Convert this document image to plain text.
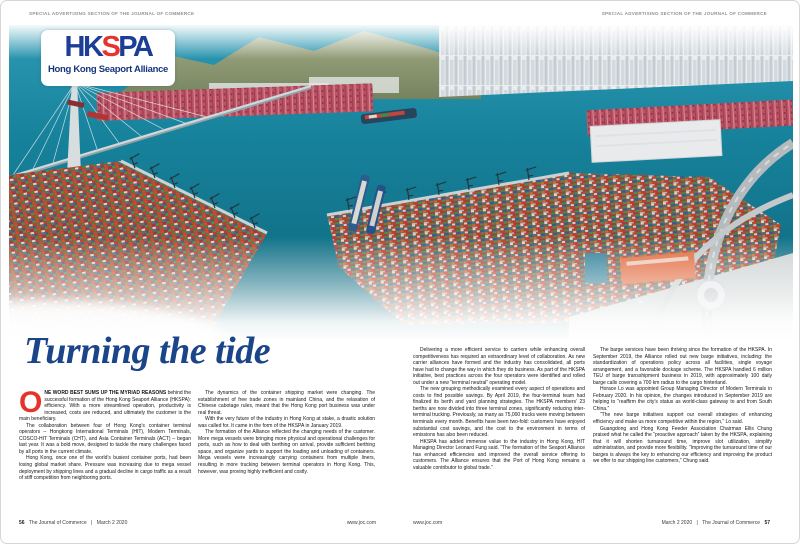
SPECIAL ADVERTISING SECTION OF THE JOURNAL OF COMMERCE	SPECIAL ADVERTISING SECTION OF THE JOURNAL OF COMMERCE
HKSPA
Hong Kong Seaport Alliance
Turning the tide

ONE WORD BEST SUMS UP THE MYRIAD REASONS behind the successful formation of the Hong Kong Seaport Alliance (HKSPA): efficiency. With a more streamlined operation, productivity is increased, costs are reduced, and ultimately the customer is the main beneficiary.

The collaboration between four of Hong Kong’s container terminal operators – Hongkong International Terminals (HIT), Modern Terminals, COSCO-HIT Terminals (CHT), and Asia Container Terminals (ACT) – began last year. It was a bold move, designed to tackle the many challenges faced by all ports in the current climate.

Hong Kong, once one of the world’s busiest container ports, had been losing global market share. Pressure was increasing due to mega vessel deployment by shipping lines and a gradual decline in cargo traffic as a result of stiff competition from neighboring ports.

The dynamics of the container shipping market were changing. The establishment of free trade zones in mainland China, and the relaxation of Chinese cabotage rules, meant that the Hong Kong port business was under real threat.

With the very future of the industry in Hong Kong at stake, a drastic solution was called for. It came in the form of the HKSPA in January 2019.

The formation of the Alliance reflected the changing needs of the customer. More mega vessels were bringing more physical and operational challenges for ports, such as how to deal with berthing on arrival, provide sufficient berthing space, and organize yards to support the loading and unloading of containers. Mega vessels were increasingly carrying containers from multiple liners, resulting in more trucking between terminal operators in Hong Kong. This, however, was proving highly inefficient and costly.

Delivering a more efficient service to carriers while enhancing overall competitiveness has required an extraordinary level of collaboration. As new carrier alliances have formed and the industry has consolidated, all ports have had to change the way in which they do business. As part of the HKSPA initiative, best practices across the four operators were identified and rolled out under a new “terminal neutral” operating model.

The new grouping methodically examined every aspect of operations and costs to find possible savings. By April 2019, the four-terminal team had finalized its berth and yard planning strategies. The HKSPA members’ 23 berths are now divided into three terminal zones, significantly reducing inter-terminal trucking. Previously, as many as 75,000 trucks were moving between terminals every month. Benefits have been two-fold: customers have enjoyed substantial cost savings, and the cost to the environment in terms of emissions has also been reduced.

HKSPA has added immense value to the industry in Hong Kong, HIT Managing Director Leonard Fung said. “The formation of the Seaport Alliance has enhanced efficiencies and improved the overall service offering to customers. The Alliance ensures that the Port of Hong Kong remains a valuable contributor to global trade.”

The barge services have been thriving since the formation of the HKSPA. In September 2019, the Alliance rolled out new barge initiatives, including: the standardization of operations policy across all facilities, single voyage arrangement, and a favorable dockage scheme. The HKSPA handled 6 million TEU of barge transshipment business in 2019, with approximately 100 daily barge calls covering a 700 km radius to the cargo hinterland.

Horace Lo was appointed Group Managing Director of Modern Terminals in February 2020. In his opinion, the changes introduced in September 2019 are helping to “reaffirm the city’s status as world-class gateway to and from South China.”

“The new barge initiatives support our overall strategies of enhancing efficiency and make us more competitive within the region,” Lo said.

Guangdong and Hong Kong Feeder Association Chairman Ellis Chung praised what he called the “proactive approach” taken by the HKSPA, explaining that it will shorten turnaround time, improve slot utilization, simplify administration, and provide more flexibility. “Improving the turnaround time of our barges is always the key to enhancing our efficiency and improving the product we offer to our shipping line customers,” Chung said.

56 The Journal of Commerce | March 2 2020	www.joc.com	www.joc.com	March 2 2020 | The Journal of Commerce 57
